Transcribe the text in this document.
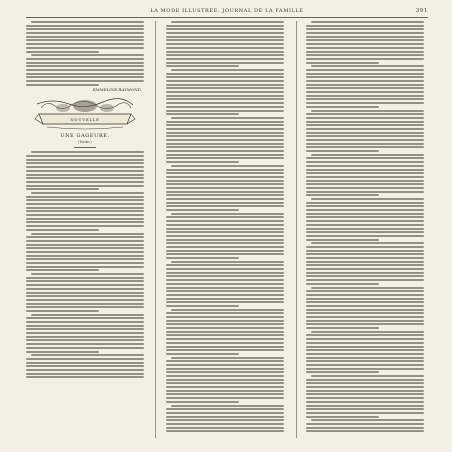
LA MODE ILLUSTRÉE, JOURNAL DE LA FAMILLE	391
EMMELINE RAYMOND.
NOUVELLE
UNE GAGEURE.
(Suite.)
